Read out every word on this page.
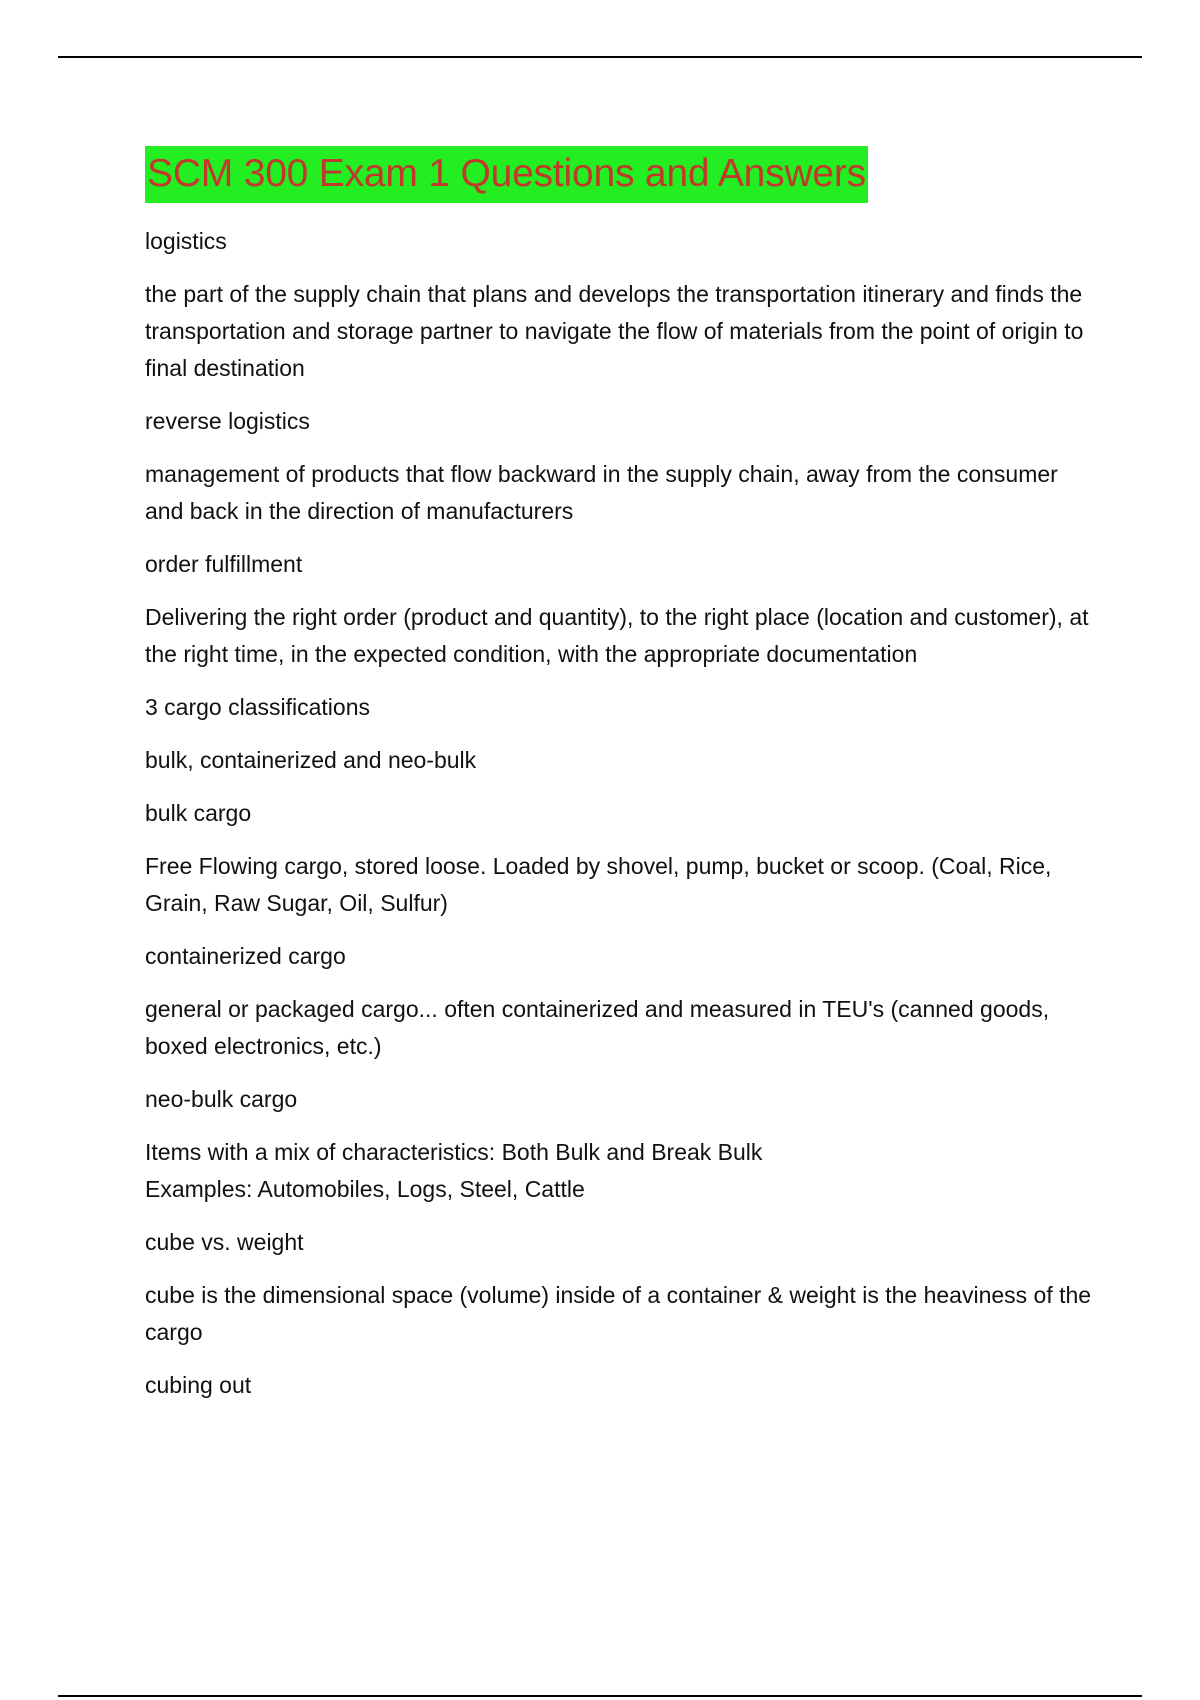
SCM 300 Exam 1 Questions and Answers

logistics

the part of the supply chain that plans and develops the transportation itinerary and finds the transportation and storage partner to navigate the flow of materials from the point of origin to final destination

reverse logistics

management of products that flow backward in the supply chain, away from the consumer and back in the direction of manufacturers

order fulfillment

Delivering the right order (product and quantity), to the right place (location and customer), at the right time, in the expected condition, with the appropriate documentation

3 cargo classifications

bulk, containerized and neo-bulk

bulk cargo

Free Flowing cargo, stored loose. Loaded by shovel, pump, bucket or scoop. (Coal, Rice, Grain, Raw Sugar, Oil, Sulfur)

containerized cargo

general or packaged cargo... often containerized and measured in TEU's (canned goods, boxed electronics, etc.)

neo-bulk cargo

Items with a mix of characteristics: Both Bulk and Break Bulk
Examples: Automobiles, Logs, Steel, Cattle

cube vs. weight

cube is the dimensional space (volume) inside of a container & weight is the heaviness of the cargo

cubing out
